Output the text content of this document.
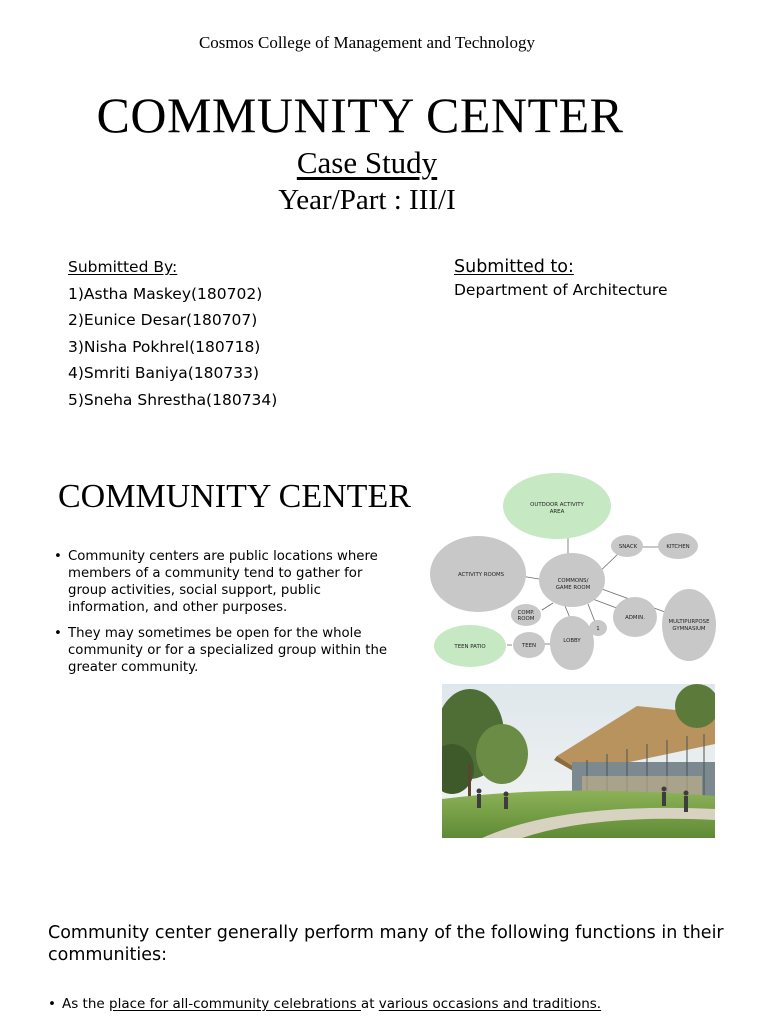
Cosmos College of Management and Technology
COMMUNITY CENTER
Case Study
Year/Part : III/I
Submitted By:
1)Astha Maskey(180702)
2)Eunice Desar(180707)
3)Nisha Pokhrel(180718)
4)Smriti Baniya(180733)
5)Sneha Shrestha(180734)
Submitted to:
Department of Architecture
COMMUNITY CENTER
• Community centers are public locations where members of a community tend to gather for group activities, social support, public information, and other purposes.
• They may sometimes be open for the whole community or for a specialized group within the greater community.
OUTDOOR ACTIVITY
AREA
SNACK	KITCHEN
ACTIVITY ROOMS
COMMONS/
GAME ROOM
COMP.
ROOM	ADMIN.
MULTIPURPOSE
GYMNASIUM
1
TEEN PATIO	TEEN
LOBBY
Community center generally perform many of the following functions in their communities:
• As the place for all-community celebrations at various occasions and traditions.
